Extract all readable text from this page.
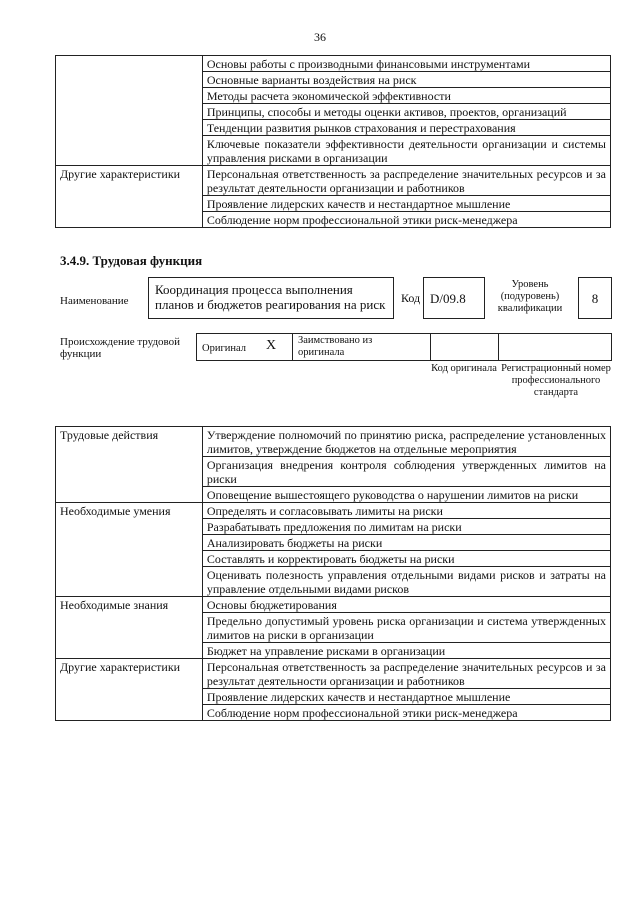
36
	Основы работы с производными финансовыми инструментами
	Основные варианты воздействия на риск
	Методы расчета экономической эффективности
	Принципы, способы и методы оценки активов, проектов, организаций
	Тенденции развития рынков страхования и перестрахования
	Ключевые показатели эффективности деятельности организации и системы управления рисками в организации
Другие характеристики	Персональная ответственность за распределение значительных ресурсов и за результат деятельности организации и работников
	Проявление лидерских качеств и нестандартное мышление
	Соблюдение норм профессиональной этики риск-менеджера
3.4.9. Трудовая функция
Наименование
Координация процесса выполнения планов и бюджетов реагирования на риск	Код D/09.8
Уровень (подуровень) квалификации
8
Происхождение трудовой функции	Оригинал X Заимствовано из оригинала
Код оригинала Регистрационный номер профессионального стандарта
Трудовые действия	Утверждение полномочий по принятию риска, распределение установленных лимитов, утверждение бюджетов на отдельные мероприятия
	Организация внедрения контроля соблюдения утвержденных лимитов на риски
	Оповещение вышестоящего руководства о нарушении лимитов на риски
Необходимые умения	Определять и согласовывать лимиты на риски
	Разрабатывать предложения по лимитам на риски
	Анализировать бюджеты на риски
	Составлять и корректировать бюджеты на риски
	Оценивать полезность управления отдельными видами рисков и затраты на управление отдельными видами рисков
Необходимые знания	Основы бюджетирования
	Предельно допустимый уровень риска организации и система утвержденных лимитов на риски в организации
	Бюджет на управление рисками в организации
Другие характеристики	Персональная ответственность за распределение значительных ресурсов и за результат деятельности организации и работников
	Проявление лидерских качеств и нестандартное мышление
	Соблюдение норм профессиональной этики риск-менеджера
